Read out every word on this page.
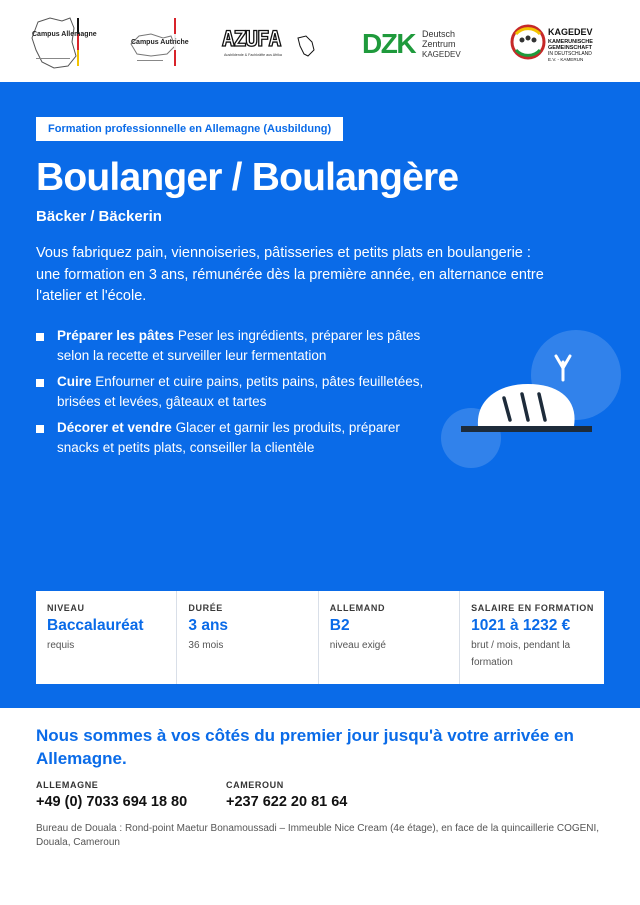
Campus Allemagne
Campus Autriche AZUFA
Ausbildende & Fachkräfte aus Afrika	DZK Deutsch
Zentrum
KAGEDEV
KAGEDEV
KAMERUNISCHE
GEMEINSCHAFT
IN DEUTSCHLAND
E.V. - KAMERUN
Formation professionnelle en Allemagne (Ausbildung)
Boulanger / Boulangère
Bäcker / Bäckerin

Vous fabriquez pain, viennoiseries, pâtisseries et petits plats en boulangerie : une formation en 3 ans, rémunérée dès la première année, en alternance entre l'atelier et l'école.

Préparer les pâtes Peser les ingrédients, préparer les pâtes selon la recette et surveiller leur fermentation
Cuire Enfourner et cuire pains, petits pains, pâtes feuilletées, brisées et levées, gâteaux et tartes
Décorer et vendre Glacer et garnir les produits, préparer snacks et petits plats, conseiller la clientèle
NIVEAU
Baccalauréat
requis
DURÉE
3 ans
36 mois
ALLEMAND
B2
niveau exigé
SALAIRE EN FORMATION
1021 à 1232 €
brut / mois, pendant la formation
Nous sommes à vos côtés du premier jour jusqu'à votre arrivée en Allemagne.
ALLEMAGNE
+49 (0) 7033 694 18 80
CAMEROUN
+237 622 20 81 64

Bureau de Douala : Rond-point Maetur Bonamoussadi – Immeuble Nice Cream (4e étage), en face de la quincaillerie COGENI, Douala, Cameroun
